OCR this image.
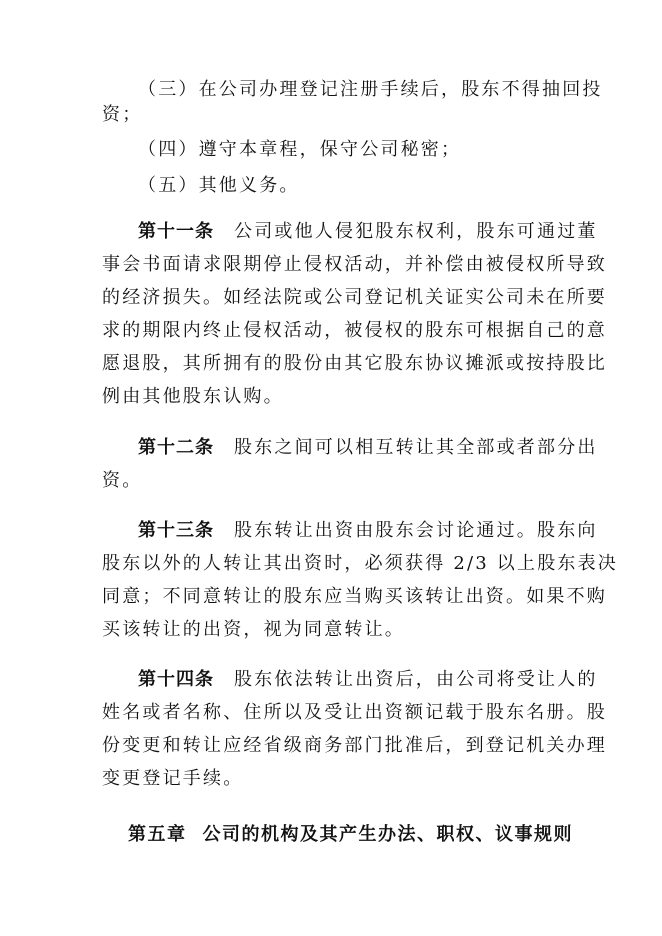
（三）在公司办理登记注册手续后，股东不得抽回投
资；
（四）遵守本章程，保守公司秘密；
（五）其他义务。
第十一条 公司或他人侵犯股东权利，股东可通过董
事会书面请求限期停止侵权活动，并补偿由被侵权所导致
的经济损失。如经法院或公司登记机关证实公司未在所要
求的期限内终止侵权活动，被侵权的股东可根据自己的意
愿退股，其所拥有的股份由其它股东协议摊派或按持股比
例由其他股东认购。
第十二条 股东之间可以相互转让其全部或者部分出
资。
第十三条 股东转让出资由股东会讨论通过。股东向
股东以外的人转让其出资时，必须获得 2/3 以上股东表决
同意；不同意转让的股东应当购买该转让出资。如果不购
买该转让的出资，视为同意转让。
第十四条 股东依法转让出资后，由公司将受让人的
姓名或者名称、住所以及受让出资额记载于股东名册。股
份变更和转让应经省级商务部门批准后，到登记机关办理
变更登记手续。
第五章 公司的机构及其产生办法、职权、议事规则
